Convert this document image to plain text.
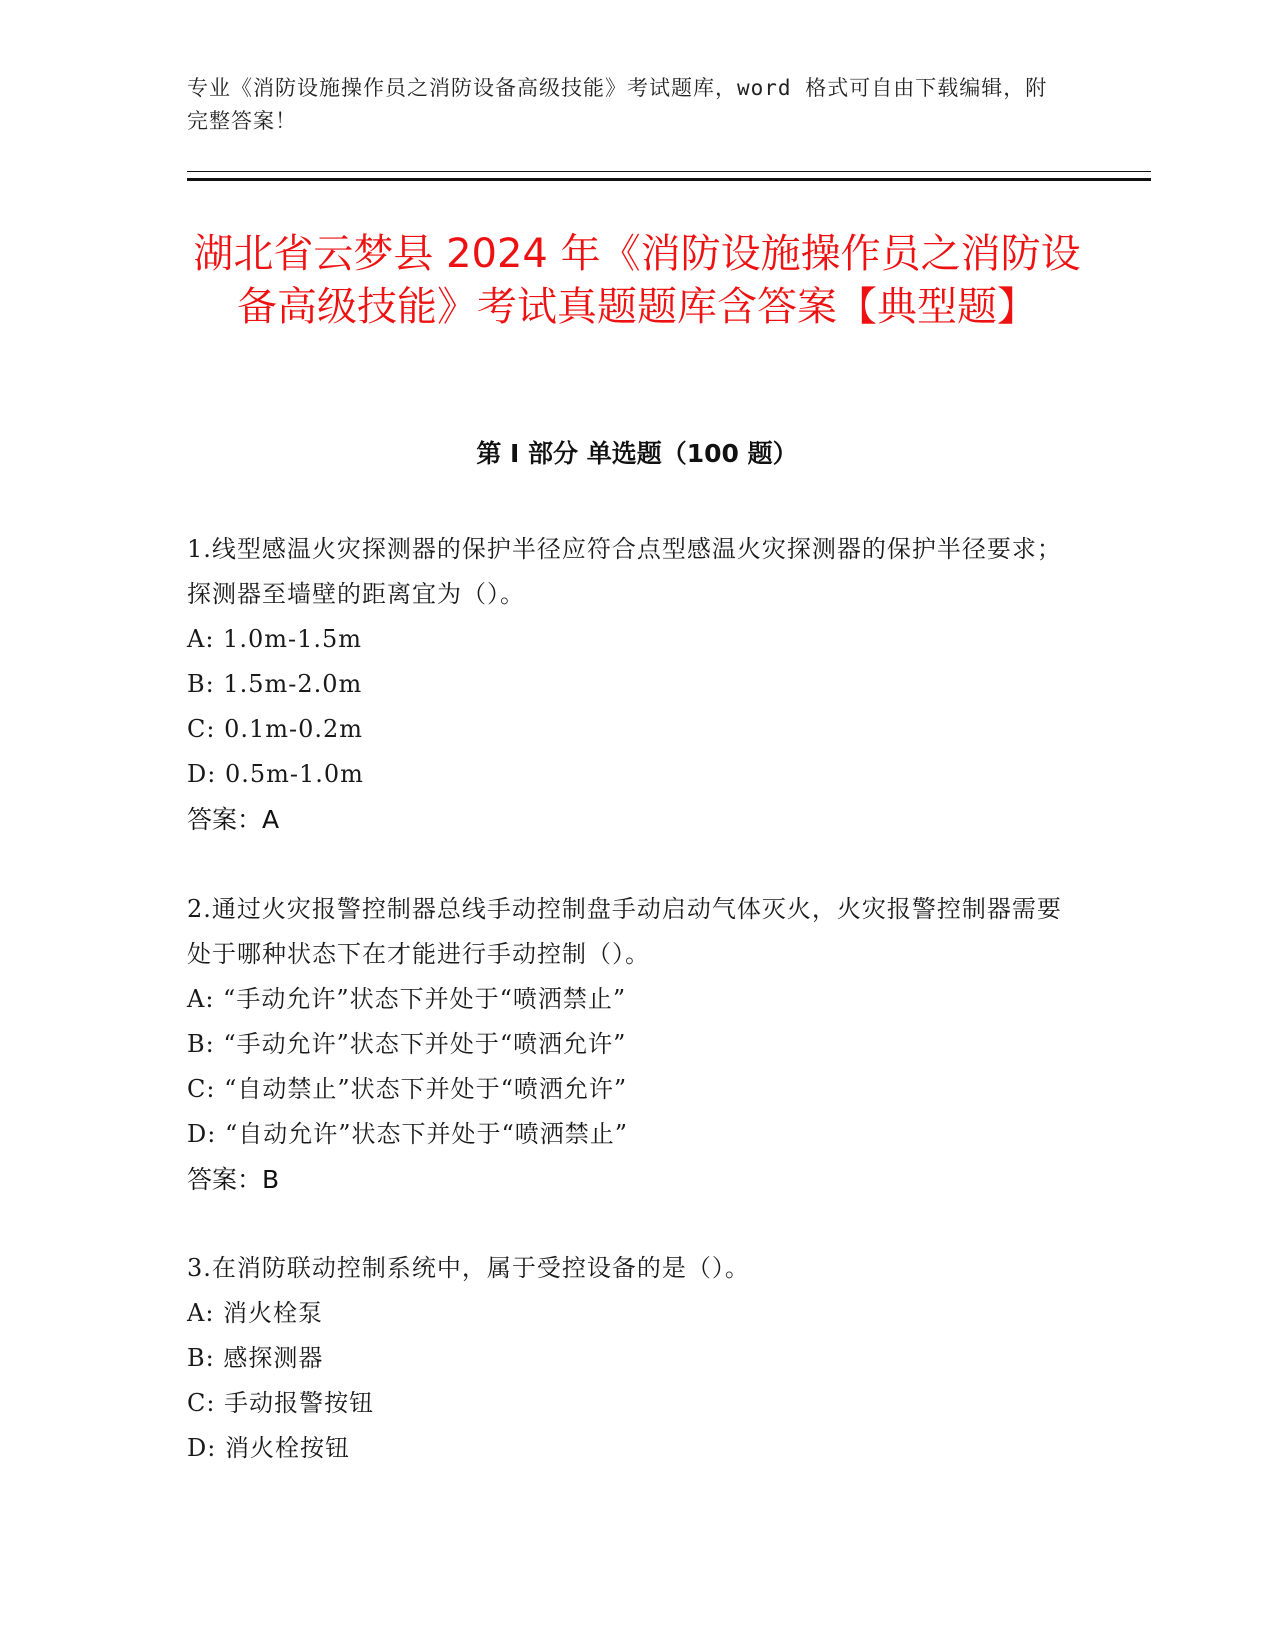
专业《消防设施操作员之消防设备高级技能》考试题库，word 格式可自由下载编辑，附完整答案！
湖北省云梦县 2024 年《消防设施操作员之消防设备高级技能》考试真题题库含答案【典型题】
第 I 部分 单选题（100 题）
1.线型感温火灾探测器的保护半径应符合点型感温火灾探测器的保护半径要求；探测器至墙壁的距离宜为（）。
A: 1.0m-1.5m
B: 1.5m-2.0m
C: 0.1m-0.2m
D: 0.5m-1.0m
答案：A
2.通过火灾报警控制器总线手动控制盘手动启动气体灭火，火灾报警控制器需要处于哪种状态下在才能进行手动控制（）。
A: “手动允许”状态下并处于“喷洒禁止”
B: “手动允许”状态下并处于“喷洒允许”
C: “自动禁止”状态下并处于“喷洒允许”
D: “自动允许”状态下并处于“喷洒禁止”
答案：B
3.在消防联动控制系统中，属于受控设备的是（）。
A: 消火栓泵
B: 感探测器
C: 手动报警按钮
D: 消火栓按钮
